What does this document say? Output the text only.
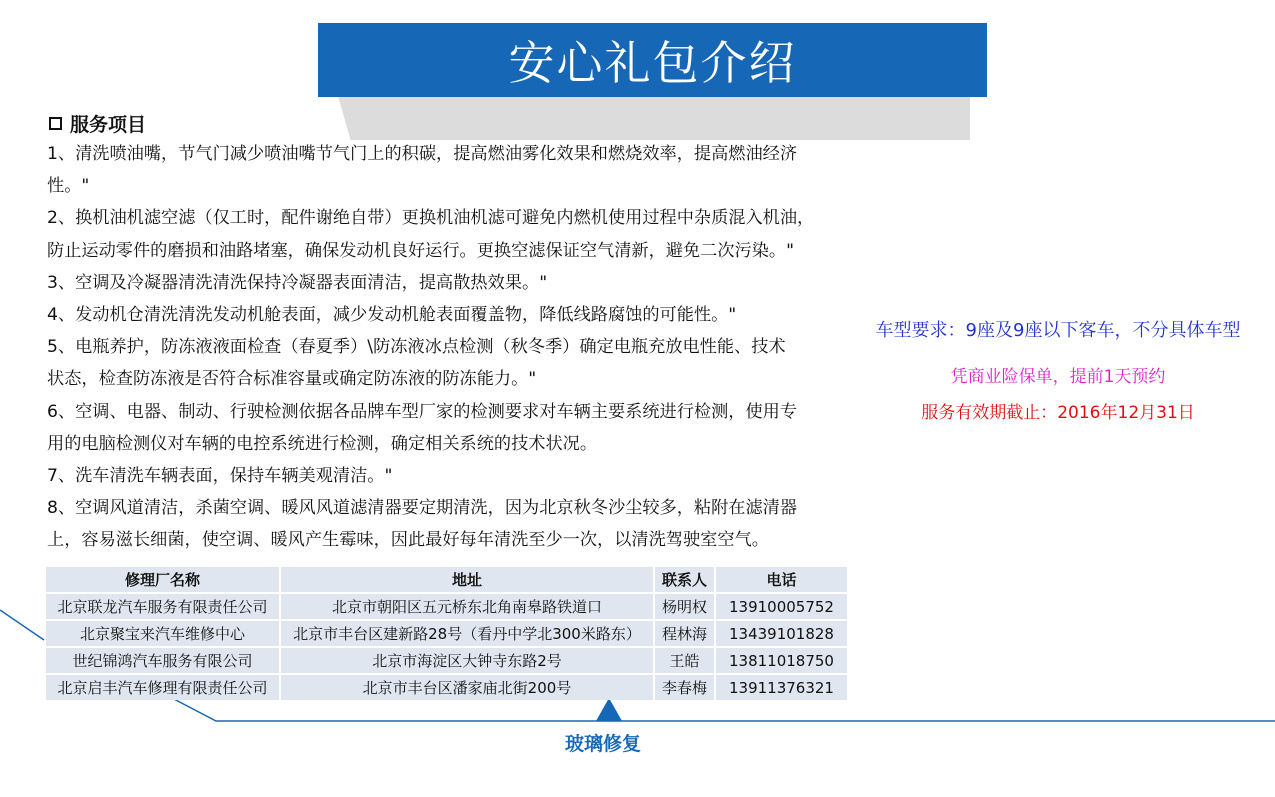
安心礼包介绍
服务项目
1、清洗喷油嘴，节气门减少喷油嘴节气门上的积碳，提高燃油雾化效果和燃烧效率，提高燃油经济
性。"
2、换机油机滤空滤（仅工时，配件谢绝自带）更换机油机滤可避免内燃机使用过程中杂质混入机油，
防止运动零件的磨损和油路堵塞，确保发动机良好运行。更换空滤保证空气清新，避免二次污染。"
3、空调及冷凝器清洗清洗保持冷凝器表面清洁，提高散热效果。"
4、发动机仓清洗清洗发动机舱表面，减少发动机舱表面覆盖物，降低线路腐蚀的可能性。"
5、电瓶养护，防冻液液面检查（春夏季）\防冻液冰点检测（秋冬季）确定电瓶充放电性能、技术
状态，检查防冻液是否符合标准容量或确定防冻液的防冻能力。"
6、空调、电器、制动、行驶检测依据各品牌车型厂家的检测要求对车辆主要系统进行检测，使用专
用的电脑检测仪对车辆的电控系统进行检测，确定相关系统的技术状况。
7、洗车清洗车辆表面，保持车辆美观清洁。"
8、空调风道清洁，杀菌空调、暖风风道滤清器要定期清洗，因为北京秋冬沙尘较多，粘附在滤清器
上，容易滋长细菌，使空调、暖风产生霉味，因此最好每年清洗至少一次，以清洗驾驶室空气。
车型要求：9座及9座以下客车，不分具体车型
凭商业险保单，提前1天预约
服务有效期截止：2016年12月31日
修理厂名称	地址	联系人	电话
北京联龙汽车服务有限责任公司	北京市朝阳区五元桥东北角南皋路铁道口	杨明权	13910005752
北京聚宝来汽车维修中心	北京市丰台区建新路28号（看丹中学北300米路东）	程林海	13439101828
世纪锦鸿汽车服务有限公司	北京市海淀区大钟寺东路2号	王皓	13811018750
北京启丰汽车修理有限责任公司	北京市丰台区潘家庙北街200号	李春梅	13911376321
玻璃修复
